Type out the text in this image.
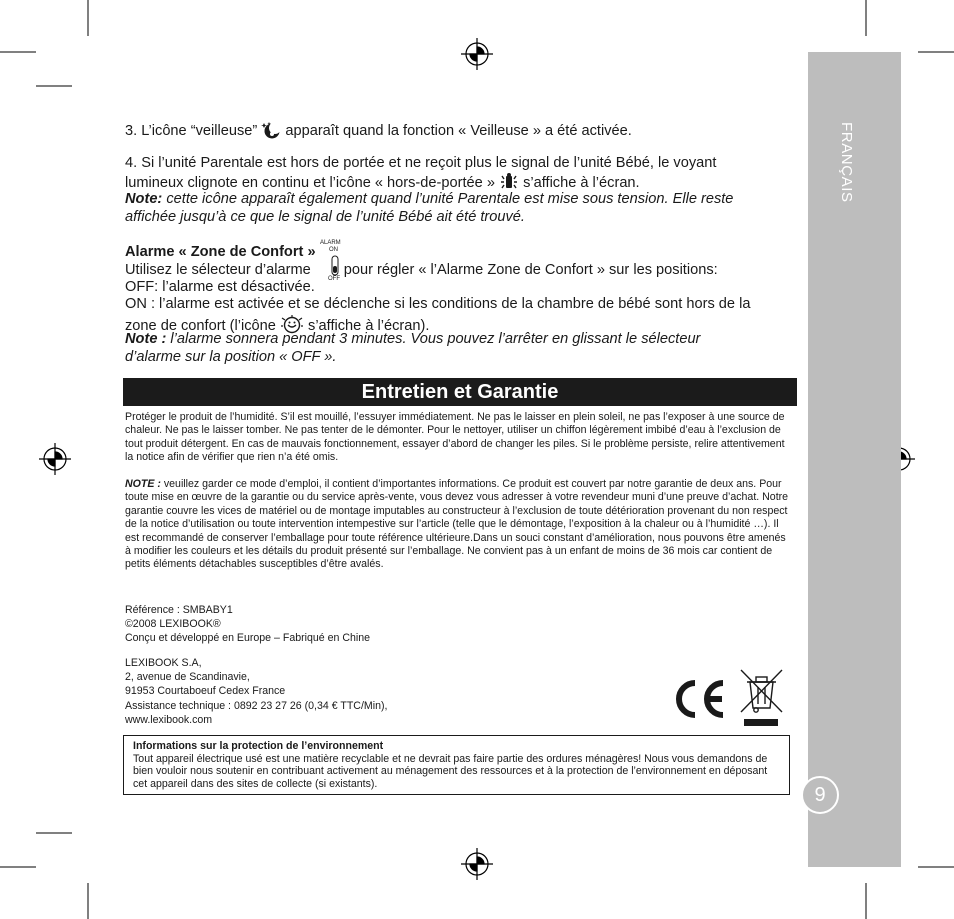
FRANÇAIS
9
3. L’icône “veilleuse” apparaît quand la fonction « Veilleuse » a été activée.
4. Si l’unité Parentale est hors de portée et ne reçoit plus le signal de l’unité Bébé, le voyant
lumineux clignote en continu et l’icône « hors-de-portée » s’affiche à l’écran.
Note: cette icône apparaît également quand l’unité Parentale est mise sous tension. Elle reste
affichée jusqu’à ce que le signal de l’unité Bébé ait été trouvé.
Alarme « Zone de Confort »
ALARM
ON
OFF
Utilisez le sélecteur d’alarme pour régler « l’Alarme Zone de Confort » sur les positions:
OFF: l’alarme est désactivée.
ON : l’alarme est activée et se déclenche si les conditions de la chambre de bébé sont hors de la
zone de confort (l’icône s’affiche à l’écran).
Note : l’alarme sonnera pendant 3 minutes. Vous pouvez l’arrêter en glissant le sélecteur
d’alarme sur la position « OFF ».
Entretien et Garantie

Protéger le produit de l’humidité. S’il est mouillé, l’essuyer immédiatement. Ne pas le laisser en plein soleil, ne pas l’exposer à une source de chaleur. Ne pas le laisser tomber. Ne pas tenter de le démonter. Pour le nettoyer, utiliser un chiffon légèrement imbibé d’eau à l’exclusion de tout produit détergent. En cas de mauvais fonctionnement, essayer d’abord de changer les piles. Si le problème persiste, relire attentivement la notice afin de vérifier que rien n’a été omis.

NOTE : veuillez garder ce mode d’emploi, il contient d’importantes informations. Ce produit est couvert par notre garantie de deux ans. Pour toute mise en œuvre de la garantie ou du service après-vente, vous devez vous adresser à votre revendeur muni d’une preuve d’achat. Notre garantie couvre les vices de matériel ou de montage imputables au constructeur à l’exclusion de toute détérioration provenant du non respect de la notice d’utilisation ou toute intervention intempestive sur l’article (telle que le démontage, l’exposition à la chaleur ou à l’humidité …). Il est recommandé de conserver l’emballage pour toute référence ultérieure.Dans un souci constant d’amélioration, nous pouvons être amenés à modifier les couleurs et les détails du produit présenté sur l’emballage. Ne convient pas à un enfant de moins de 36 mois car contient de petits éléments détachables susceptibles d’être avalés.

Référence : SMBABY1
©2008 LEXIBOOK®
Conçu et développé en Europe – Fabriqué en Chine
LEXIBOOK S.A,
2, avenue de Scandinavie,
91953 Courtaboeuf Cedex France
Assistance technique : 0892 23 27 26 (0,34 € TTC/Min),
www.lexibook.com
Informations sur la protection de l’environnement
Tout appareil électrique usé est une matière recyclable et ne devrait pas faire partie des ordures ménagères! Nous vous demandons de bien vouloir nous soutenir en contribuant activement au ménagement des ressources et à la protection de l’environnement en déposant cet appareil dans des sites de collecte (si existants).
